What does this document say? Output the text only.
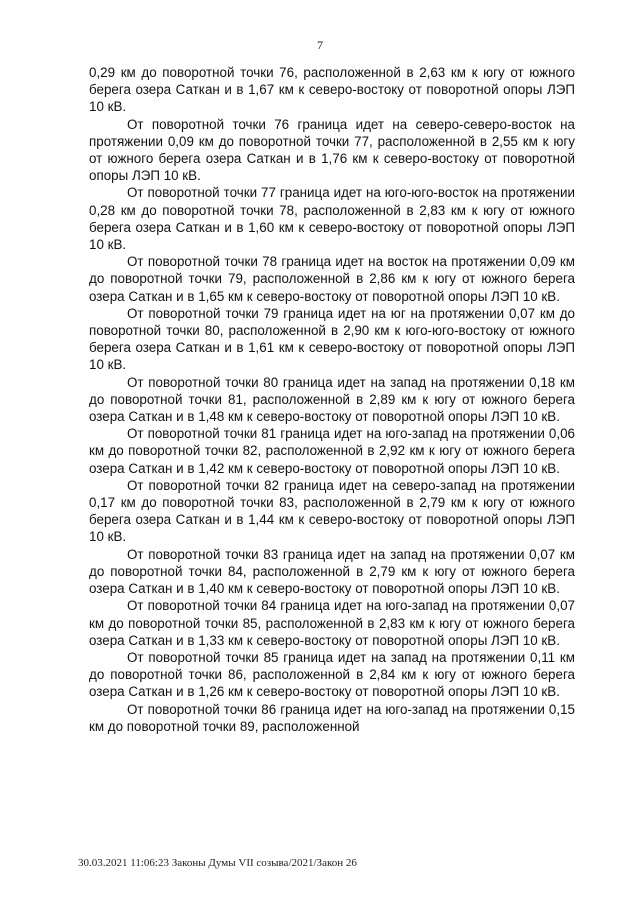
7

0,29 км до поворотной точки 76, расположенной в 2,63 км к югу от южного берега озера Саткан и в 1,67 км к северо-востоку от поворотной опоры ЛЭП 10 кВ.

От поворотной точки 76 граница идет на северо-северо-восток на протяжении 0,09 км до поворотной точки 77, расположенной в 2,55 км к югу от южного берега озера Саткан и в 1,76 км к северо-востоку от поворотной опоры ЛЭП 10 кВ.

От поворотной точки 77 граница идет на юго-юго-восток на протяжении 0,28 км до поворотной точки 78, расположенной в 2,83 км к югу от южного берега озера Саткан и в 1,60 км к северо-востоку от поворотной опоры ЛЭП 10 кВ.

От поворотной точки 78 граница идет на восток на протяжении 0,09 км до поворотной точки 79, расположенной в 2,86 км к югу от южного берега озера Саткан и в 1,65 км к северо-востоку от поворотной опоры ЛЭП 10 кВ.

От поворотной точки 79 граница идет на юг на протяжении 0,07 км до поворотной точки 80, расположенной в 2,90 км к юго-юго-востоку от южного берега озера Саткан и в 1,61 км к северо-востоку от поворотной опоры ЛЭП 10 кВ.

От поворотной точки 80 граница идет на запад на протяжении 0,18 км до поворотной точки 81, расположенной в 2,89 км к югу от южного берега озера Саткан и в 1,48 км к северо-востоку от поворотной опоры ЛЭП 10 кВ.

От поворотной точки 81 граница идет на юго-запад на протяжении 0,06 км до поворотной точки 82, расположенной в 2,92 км к югу от южного берега озера Саткан и в 1,42 км к северо-востоку от поворотной опоры ЛЭП 10 кВ.

От поворотной точки 82 граница идет на северо-запад на протяжении 0,17 км до поворотной точки 83, расположенной в 2,79 км к югу от южного берега озера Саткан и в 1,44 км к северо-востоку от поворотной опоры ЛЭП 10 кВ.

От поворотной точки 83 граница идет на запад на протяжении 0,07 км до поворотной точки 84, расположенной в 2,79 км к югу от южного берега озера Саткан и в 1,40 км к северо-востоку от поворотной опоры ЛЭП 10 кВ.

От поворотной точки 84 граница идет на юго-запад на протяжении 0,07 км до поворотной точки 85, расположенной в 2,83 км к югу от южного берега озера Саткан и в 1,33 км к северо-востоку от поворотной опоры ЛЭП 10 кВ.

От поворотной точки 85 граница идет на запад на протяжении 0,11 км до поворотной точки 86, расположенной в 2,84 км к югу от южного берега озера Саткан и в 1,26 км к северо-востоку от поворотной опоры ЛЭП 10 кВ.

От поворотной точки 86 граница идет на юго-запад на протяжении 0,15 км до поворотной точки 89, расположенной

30.03.2021 11:06:23 Законы Думы VII созыва/2021/Закон 26
